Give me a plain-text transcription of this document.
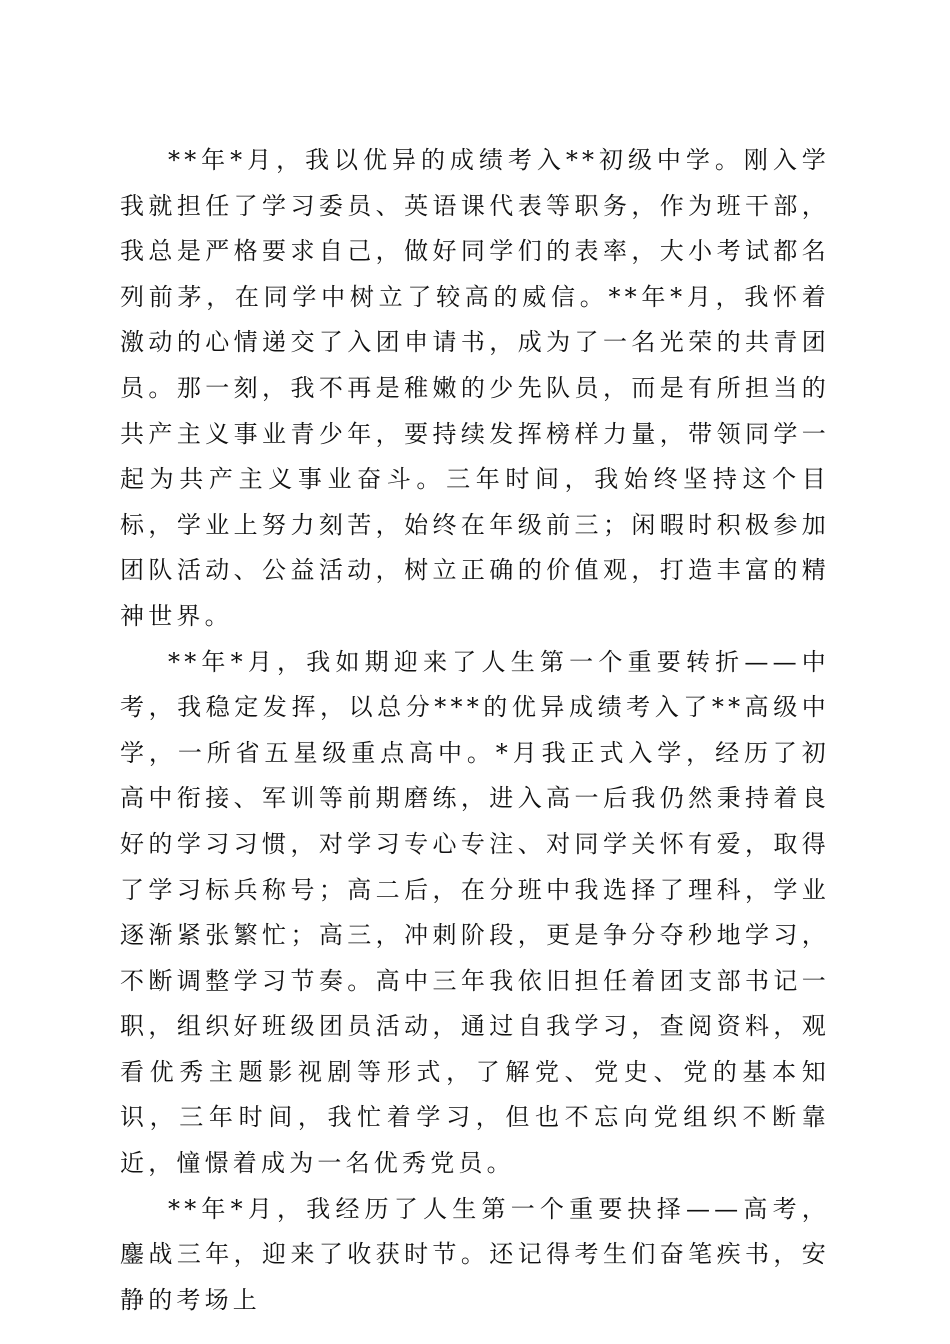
**年*月，我以优异的成绩考入**初级中学。刚入学我就担任了学习委员、英语课代表等职务，作为班干部，我总是严格要求自己，做好同学们的表率，大小考试都名列前茅，在同学中树立了较高的威信。**年*月，我怀着激动的心情递交了入团申请书，成为了一名光荣的共青团员。那一刻，我不再是稚嫩的少先队员，而是有所担当的共产主义事业青少年，要持续发挥榜样力量，带领同学一起为共产主义事业奋斗。三年时间，我始终坚持这个目标，学业上努力刻苦，始终在年级前三；闲暇时积极参加团队活动、公益活动，树立正确的价值观，打造丰富的精神世界。

**年*月，我如期迎来了人生第一个重要转折——中考，我稳定发挥，以总分***的优异成绩考入了**高级中学，一所省五星级重点高中。*月我正式入学，经历了初高中衔接、军训等前期磨练，进入高一后我仍然秉持着良好的学习习惯，对学习专心专注、对同学关怀有爱，取得了学习标兵称号；高二后，在分班中我选择了理科，学业逐渐紧张繁忙；高三，冲刺阶段，更是争分夺秒地学习，不断调整学习节奏。高中三年我依旧担任着团支部书记一职，组织好班级团员活动，通过自我学习，查阅资料，观看优秀主题影视剧等形式，了解党、党史、党的基本知识，三年时间，我忙着学习，但也不忘向党组织不断靠近，憧憬着成为一名优秀党员。

**年*月，我经历了人生第一个重要抉择——高考，鏖战三年，迎来了收获时节。还记得考生们奋笔疾书，安静的考场上
